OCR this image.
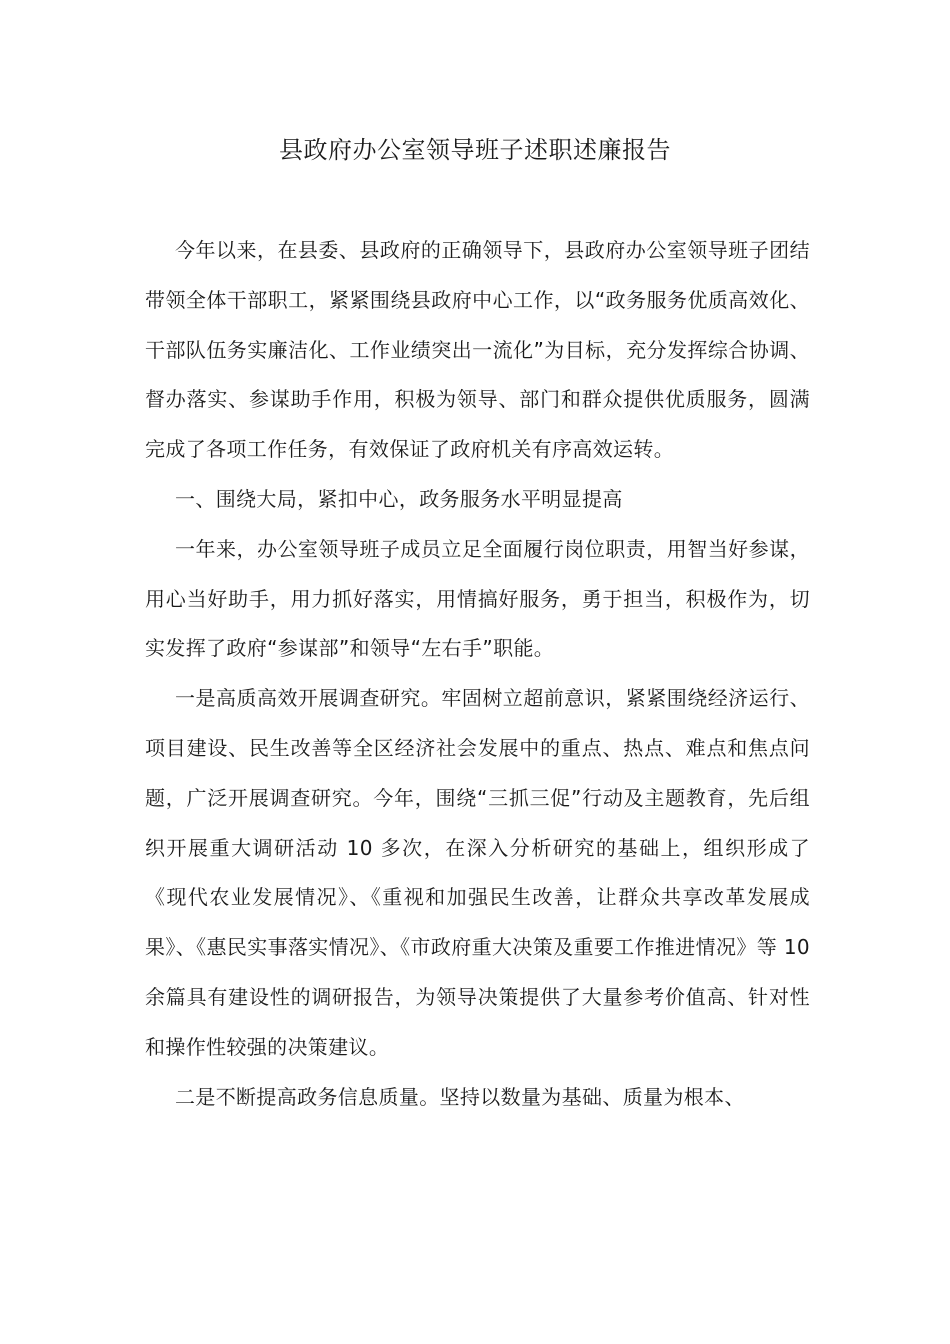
县政府办公室领导班子述职述廉报告

今年以来，在县委、县政府的正确领导下，县政府办公室领导班子团结带领全体干部职工，紧紧围绕县政府中心工作，以“政务服务优质高效化、干部队伍务实廉洁化、工作业绩突出一流化”为目标，充分发挥综合协调、督办落实、参谋助手作用，积极为领导、部门和群众提供优质服务，圆满完成了各项工作任务，有效保证了政府机关有序高效运转。

一、围绕大局，紧扣中心，政务服务水平明显提高

一年来，办公室领导班子成员立足全面履行岗位职责，用智当好参谋，用心当好助手，用力抓好落实，用情搞好服务，勇于担当，积极作为，切实发挥了政府“参谋部”和领导“左右手”职能。

一是高质高效开展调查研究。牢固树立超前意识，紧紧围绕经济运行、项目建设、民生改善等全区经济社会发展中的重点、热点、难点和焦点问题，广泛开展调查研究。今年，围绕“三抓三促”行动及主题教育，先后组织开展重大调研活动 10 多次，在深入分析研究的基础上，组织形成了《现代农业发展情况》、《重视和加强民生改善，让群众共享改革发展成果》、《惠民实事落实情况》、《市政府重大决策及重要工作推进情况》等 10 余篇具有建设性的调研报告，为领导决策提供了大量参考价值高、针对性和操作性较强的决策建议。

二是不断提高政务信息质量。坚持以数量为基础、质量为根本、
